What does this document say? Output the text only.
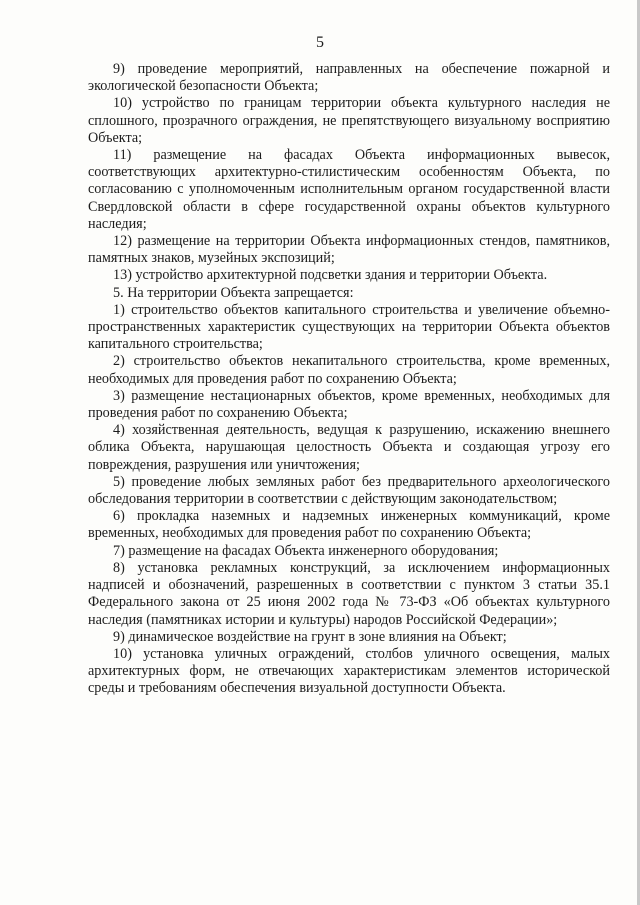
5

9) проведение мероприятий, направленных на обеспечение пожарной и экологической безопасности Объекта;

10) устройство по границам территории объекта культурного наследия не сплошного, прозрачного ограждения, не препятствующего визуальному восприятию Объекта;

11) размещение на фасадах Объекта информационных вывесок, соответствующих архитектурно-стилистическим особенностям Объекта, по согласованию с уполномоченным исполнительным органом государственной власти Свердловской области в сфере государственной охраны объектов культурного наследия;

12) размещение на территории Объекта информационных стендов, памятников, памятных знаков, музейных экспозиций;

13) устройство архитектурной подсветки здания и территории Объекта.

5. На территории Объекта запрещается:

1) строительство объектов капитального строительства и увеличение объемно-пространственных характеристик существующих на территории Объекта объектов капитального строительства;

2) строительство объектов некапитального строительства, кроме временных, необходимых для проведения работ по сохранению Объекта;

3) размещение нестационарных объектов, кроме временных, необходимых для проведения работ по сохранению Объекта;

4) хозяйственная деятельность, ведущая к разрушению, искажению внешнего облика Объекта, нарушающая целостность Объекта и создающая угрозу его повреждения, разрушения или уничтожения;

5) проведение любых земляных работ без предварительного археологического обследования территории в соответствии с действующим законодательством;

6) прокладка наземных и надземных инженерных коммуникаций, кроме временных, необходимых для проведения работ по сохранению Объекта;

7) размещение на фасадах Объекта инженерного оборудования;

8) установка рекламных конструкций, за исключением информационных надписей и обозначений, разрешенных в соответствии с пунктом 3 статьи 35.1 Федерального закона от 25 июня 2002 года № 73-ФЗ «Об объектах культурного наследия (памятниках истории и культуры) народов Российской Федерации»;

9) динамическое воздействие на грунт в зоне влияния на Объект;

10) установка уличных ограждений, столбов уличного освещения, малых архитектурных форм, не отвечающих характеристикам элементов исторической среды и требованиям обеспечения визуальной доступности Объекта.
